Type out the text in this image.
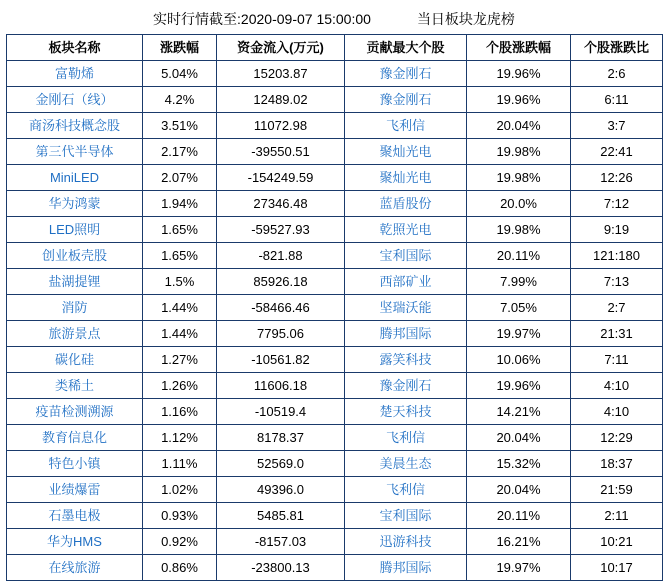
实时行情截至:2020-09-07 15:00:00	当日板块龙虎榜
板块名称	涨跌幅	资金流入(万元)	贡献最大个股	个股涨跌幅	个股涨跌比
富勒烯	5.04%	15203.87	豫金刚石	19.96%	2:6
金刚石（线）	4.2%	12489.02	豫金刚石	19.96%	6:11
商汤科技概念股	3.51%	11072.98	飞利信	20.04%	3:7
第三代半导体	2.17%	-39550.51	聚灿光电	19.98%	22:41
MiniLED	2.07%	-154249.59	聚灿光电	19.98%	12:26
华为鸿蒙	1.94%	27346.48	蓝盾股份	20.0%	7:12
LED照明	1.65%	-59527.93	乾照光电	19.98%	9:19
创业板壳股	1.65%	-821.88	宝利国际	20.11%	121:180
盐湖提锂	1.5%	85926.18	西部矿业	7.99%	7:13
消防	1.44%	-58466.46	坚瑞沃能	7.05%	2:7
旅游景点	1.44%	7795.06	腾邦国际	19.97%	21:31
碳化硅	1.27%	-10561.82	露笑科技	10.06%	7:11
类稀土	1.26%	11606.18	豫金刚石	19.96%	4:10
疫苗检测溯源	1.16%	-10519.4	楚天科技	14.21%	4:10
教育信息化	1.12%	8178.37	飞利信	20.04%	12:29
特色小镇	1.11%	52569.0	美晨生态	15.32%	18:37
业绩爆雷	1.02%	49396.0	飞利信	20.04%	21:59
石墨电极	0.93%	5485.81	宝利国际	20.11%	2:11
华为HMS	0.92%	-8157.03	迅游科技	16.21%	10:21
在线旅游	0.86%	-23800.13	腾邦国际	19.97%	10:17
